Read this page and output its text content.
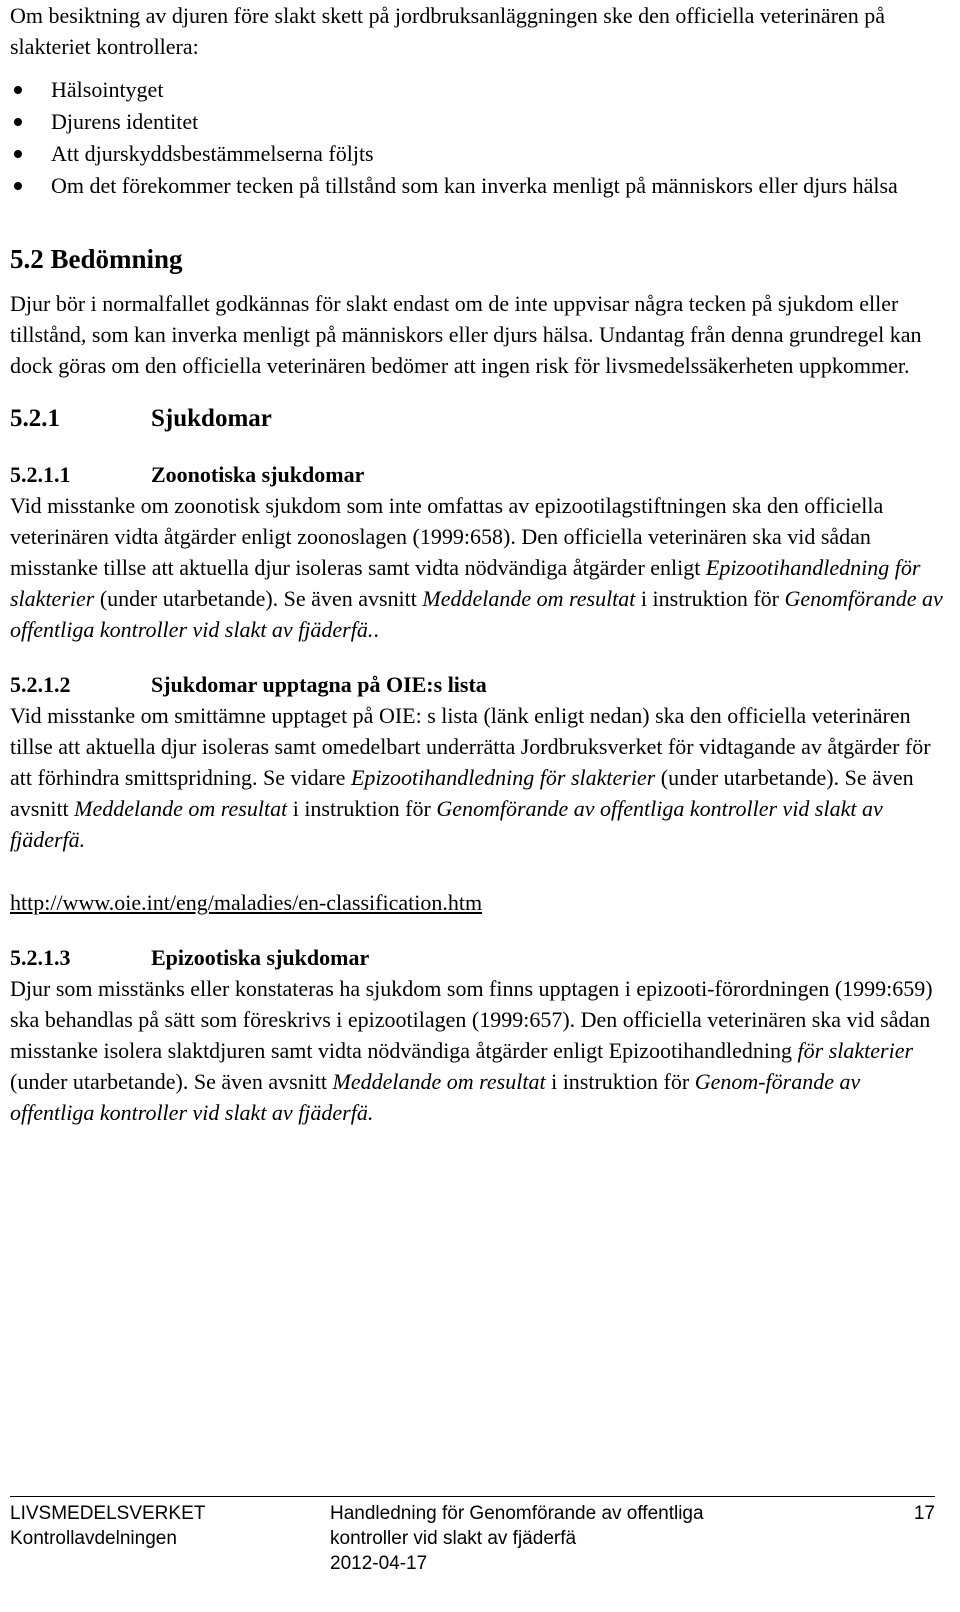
Om besiktning av djuren före slakt skett på jordbruksanläggningen ske den officiella veterinären på slakteriet kontrollera:

Hälsointyget
Djurens identitet
Att djurskyddsbestämmelserna följts
Om det förekommer tecken på tillstånd som kan inverka menligt på människors eller djurs hälsa
5.2 Bedömning

Djur bör i normalfallet godkännas för slakt endast om de inte uppvisar några tecken på sjukdom eller tillstånd, som kan inverka menligt på människors eller djurs hälsa. Undantag från denna grundregel kan dock göras om den officiella veterinären bedömer att ingen risk för livsmedelssäkerheten uppkommer.

5.2.1	Sjukdomar
5.2.1.1	Zoonotiska sjukdomar

Vid misstanke om zoonotisk sjukdom som inte omfattas av epizootilagstiftningen ska den officiella veterinären vidta åtgärder enligt zoonoslagen (1999:658). Den officiella veterinären ska vid sådan misstanke tillse att aktuella djur isoleras samt vidta nödvändiga åtgärder enligt Epizootihandledning för slakterier (under utarbetande). Se även avsnitt Meddelande om resultat i instruktion för Genomförande av offentliga kontroller vid slakt av fjäderfä..

5.2.1.2	Sjukdomar upptagna på OIE:s lista

Vid misstanke om smittämne upptaget på OIE: s lista (länk enligt nedan) ska den officiella veterinären tillse att aktuella djur isoleras samt omedelbart underrätta Jordbruksverket för vidtagande av åtgärder för att förhindra smittspridning. Se vidare Epizootihandledning för slakterier (under utarbetande). Se även avsnitt Meddelande om resultat i instruktion för Genomförande av offentliga kontroller vid slakt av fjäderfä.

http://www.oie.int/eng/maladies/en-classification.htm

5.2.1.3	Epizootiska sjukdomar

Djur som misstänks eller konstateras ha sjukdom som finns upptagen i epizooti-förordningen (1999:659) ska behandlas på sätt som föreskrivs i epizootilagen (1999:657). Den officiella veterinären ska vid sådan misstanke isolera slaktdjuren samt vidta nödvändiga åtgärder enligt Epizootihandledning för slakterier (under utarbetande). Se även avsnitt Meddelande om resultat i instruktion för Genom-förande av offentliga kontroller vid slakt av fjäderfä.

LIVSMEDELSVERKET
Kontrollavdelningen
Handledning för Genomförande av offentliga
kontroller vid slakt av fjäderfä
2012-04-17
17
